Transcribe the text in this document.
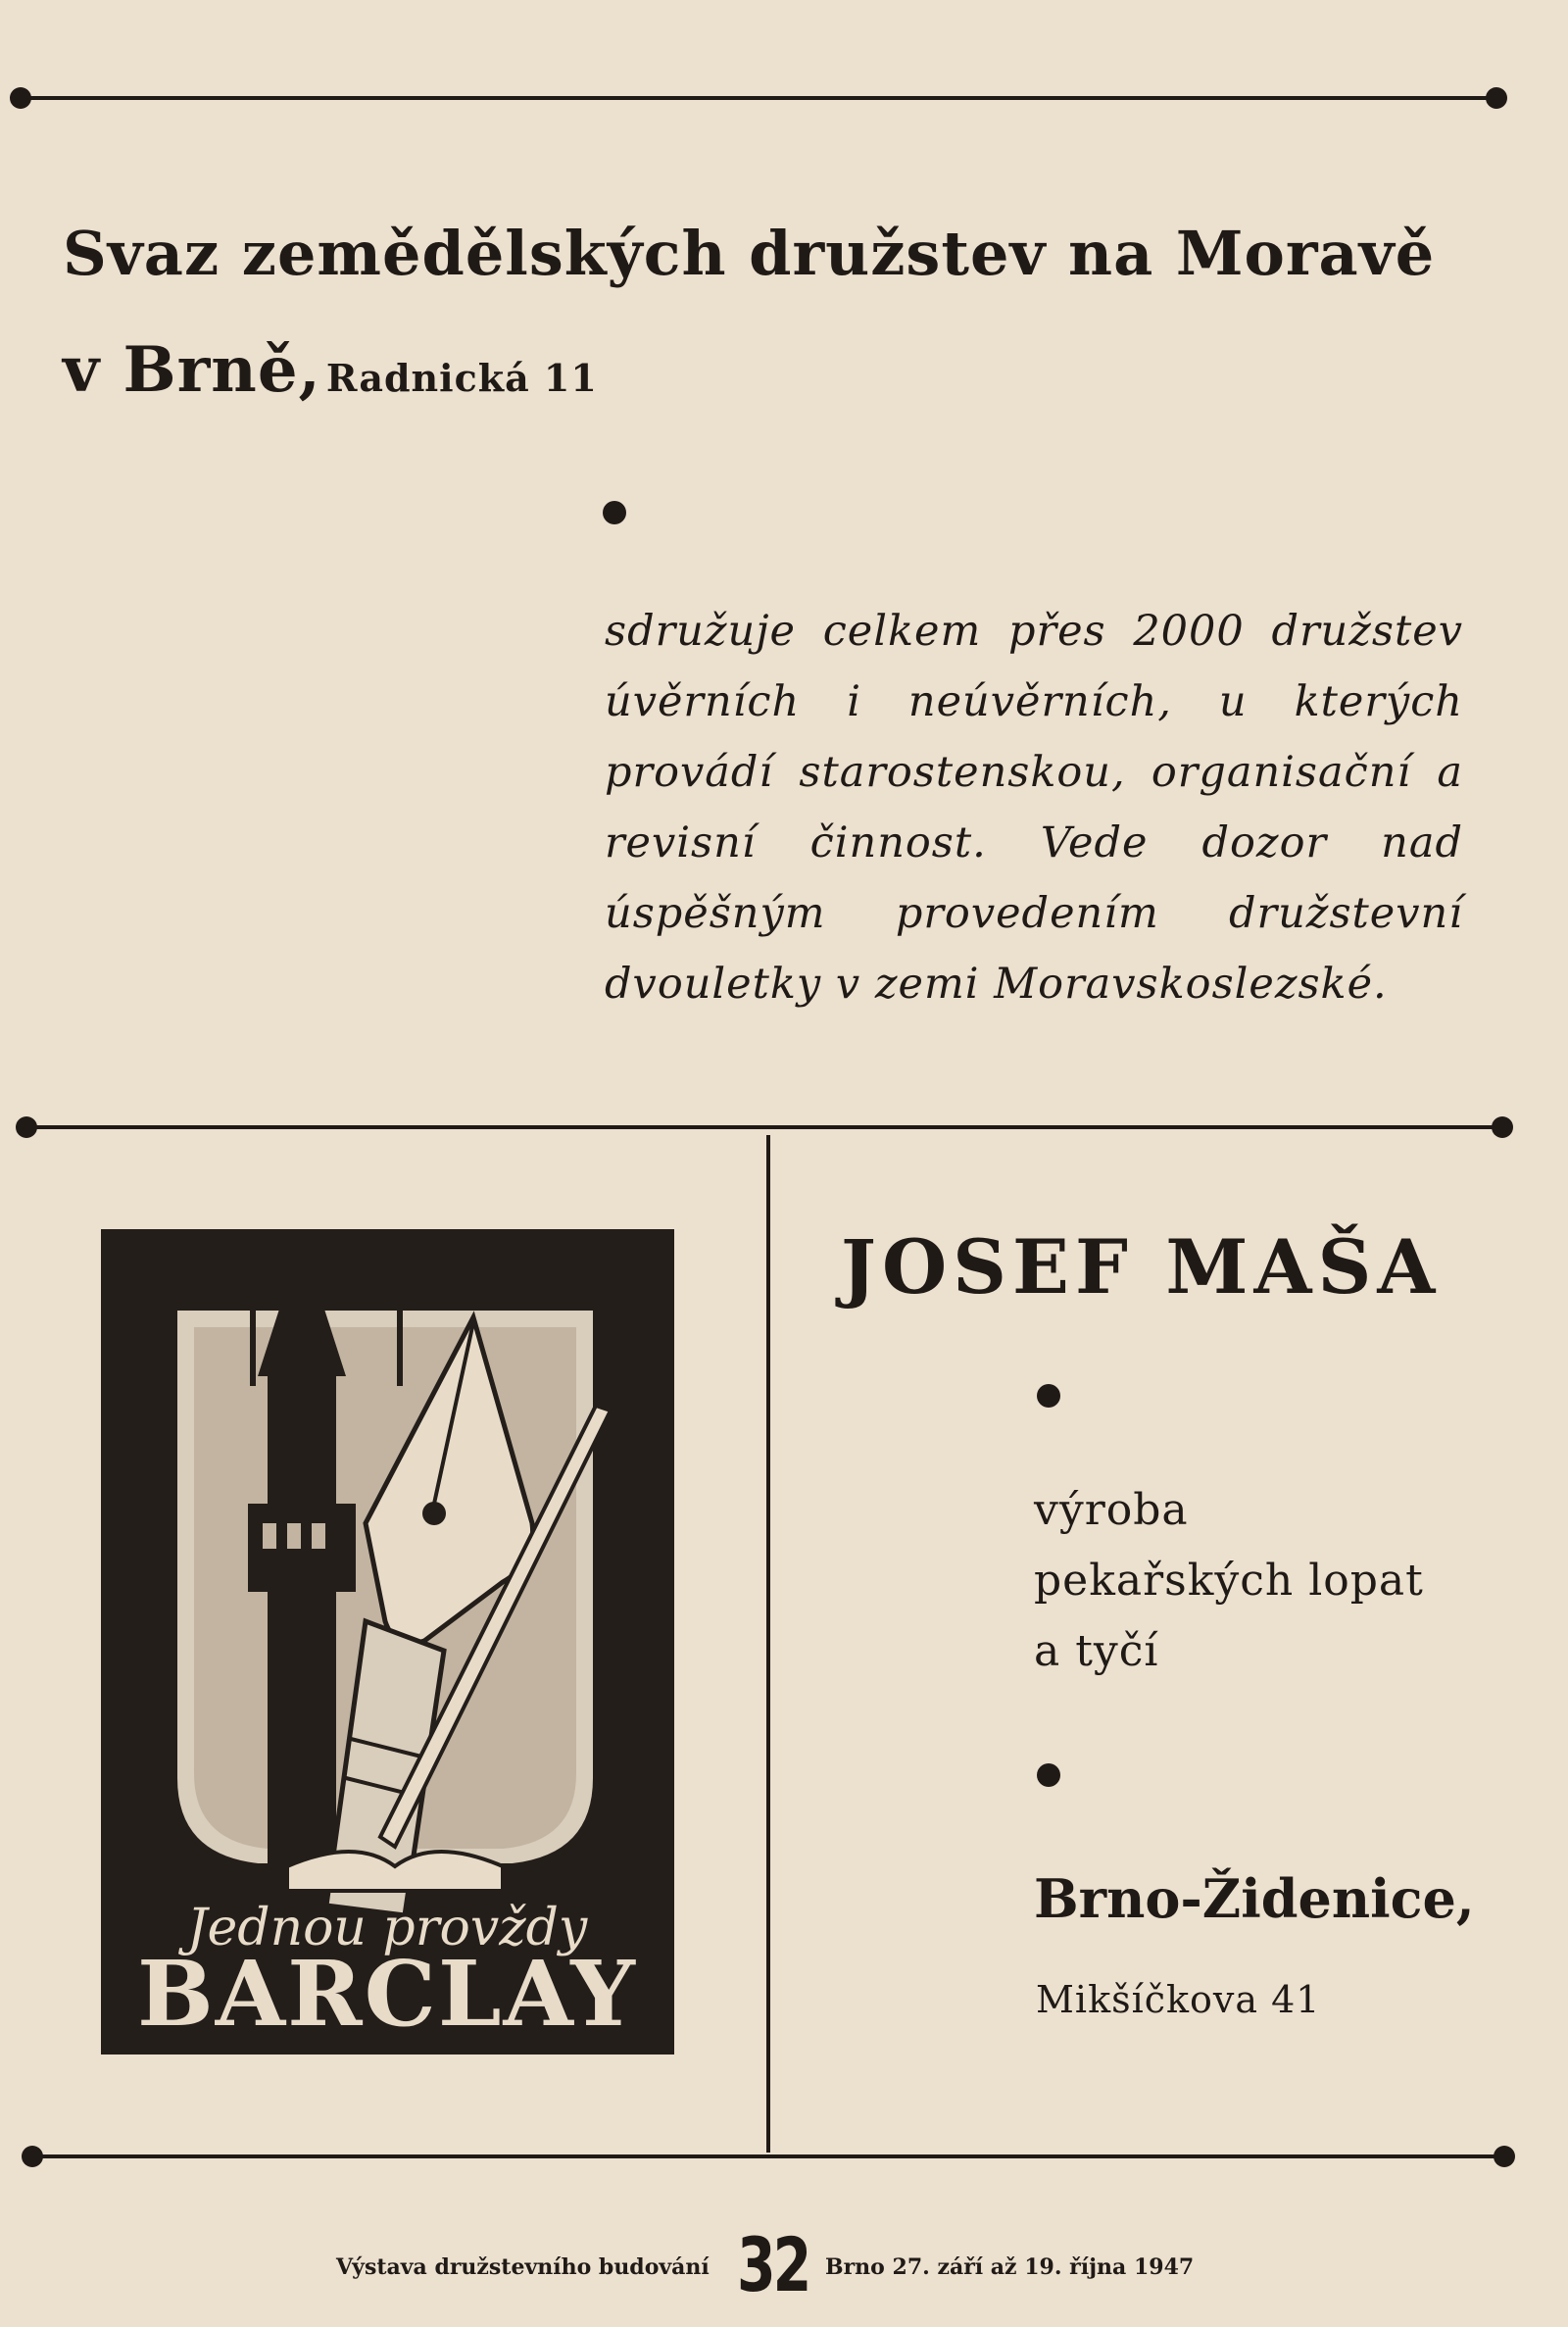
Svaz zemědělských družstev na Moravě
v Brně, Radnická 11
sdružuje celkem přes 2000 družstev úvěrních i neúvěrních, u kterých provádí starostenskou, organisační a revisní činnost. Vede dozor nad úspěšným provedením družstevní dvouletky v zemi Moravskoslezské.
Jednou provždy
BARCLAY
JOSEF MAŠA
výroba
pekařských lopat
a tyčí
Brno-Židenice,
Mikšíčkova 41
Výstava družstevního budování 32 Brno 27. září až 19. října 1947
